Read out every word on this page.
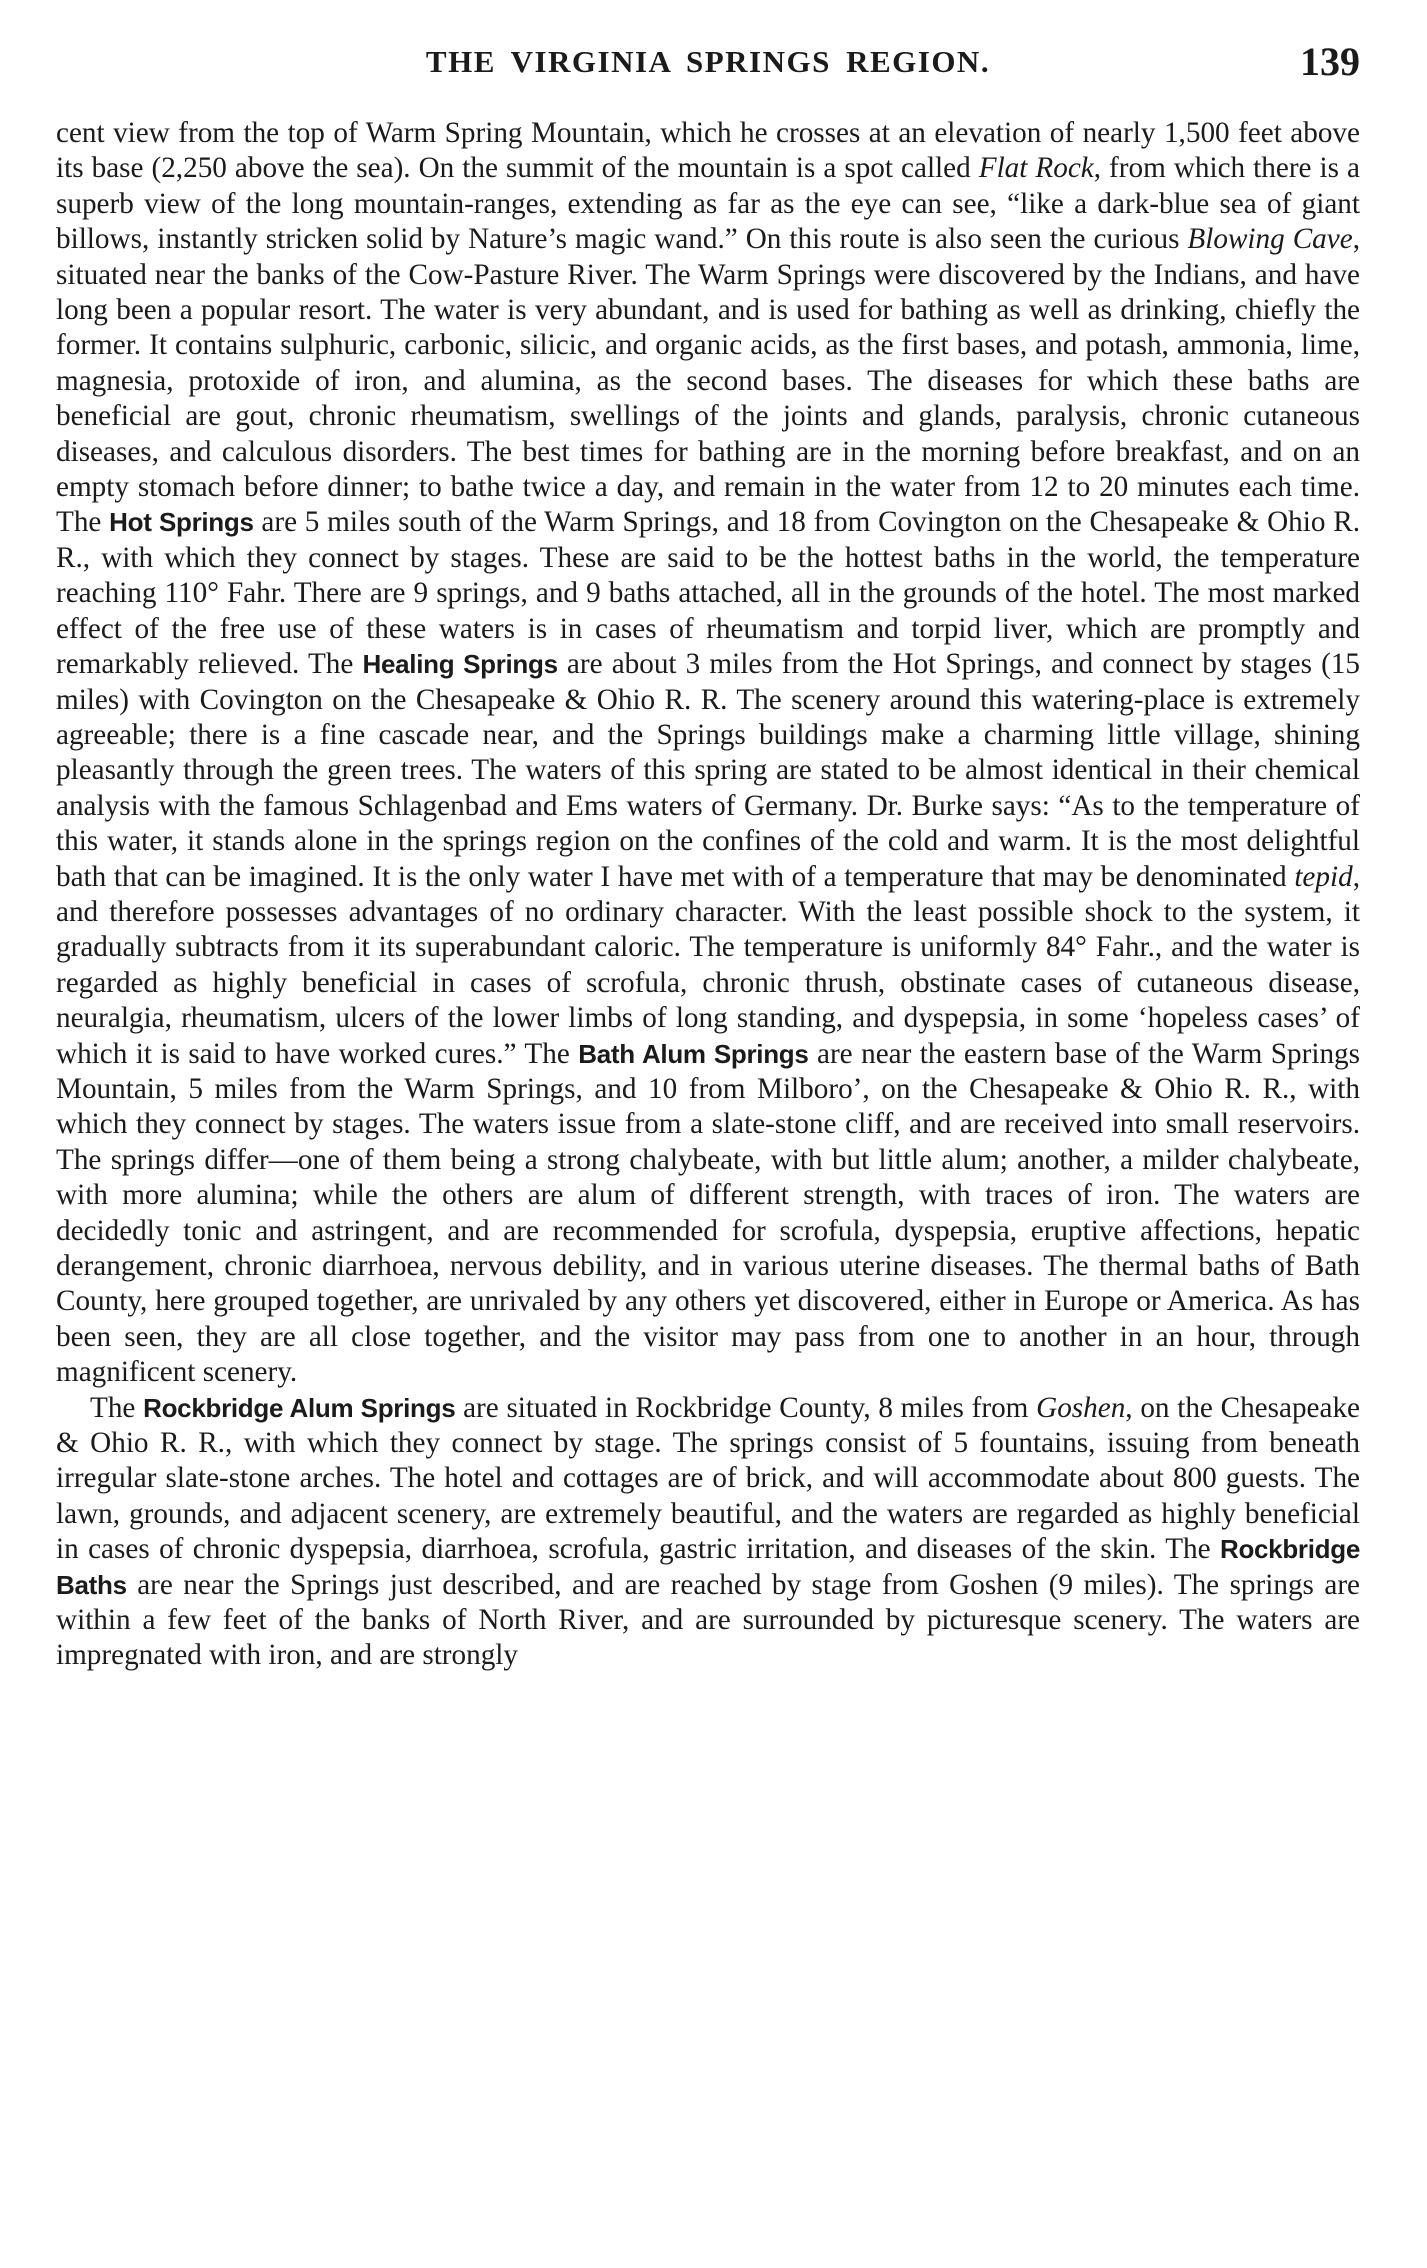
THE VIRGINIA SPRINGS REGION.	139

cent view from the top of Warm Spring Mountain, which he crosses at an elevation of nearly 1,500 feet above its base (2,250 above the sea). On the summit of the mountain is a spot called Flat Rock, from which there is a superb view of the long mountain-ranges, extending as far as the eye can see, “like a dark-blue sea of giant billows, instantly stricken solid by Nature’s magic wand.” On this route is also seen the curious Blowing Cave, situated near the banks of the Cow-Pasture River. The Warm Springs were discovered by the Indians, and have long been a popular resort. The water is very abundant, and is used for bathing as well as drinking, chiefly the former. It contains sulphuric, carbonic, silicic, and organic acids, as the first bases, and potash, ammonia, lime, magnesia, protoxide of iron, and alumina, as the second bases. The diseases for which these baths are beneficial are gout, chronic rheumatism, swellings of the joints and glands, paralysis, chronic cutaneous diseases, and calculous disorders. The best times for bathing are in the morning before breakfast, and on an empty stomach before dinner; to bathe twice a day, and remain in the water from 12 to 20 minutes each time. The Hot Springs are 5 miles south of the Warm Springs, and 18 from Covington on the Chesapeake & Ohio R. R., with which they connect by stages. These are said to be the hottest baths in the world, the temperature reaching 110° Fahr. There are 9 springs, and 9 baths attached, all in the grounds of the hotel. The most marked effect of the free use of these waters is in cases of rheumatism and torpid liver, which are promptly and remarkably relieved. The Healing Springs are about 3 miles from the Hot Springs, and connect by stages (15 miles) with Covington on the Chesapeake & Ohio R. R. The scenery around this watering-place is extremely agreeable; there is a fine cascade near, and the Springs buildings make a charming little village, shining pleasantly through the green trees. The waters of this spring are stated to be almost identical in their chemical analysis with the famous Schlagenbad and Ems waters of Germany. Dr. Burke says: “As to the temperature of this water, it stands alone in the springs region on the confines of the cold and warm. It is the most delightful bath that can be imagined. It is the only water I have met with of a temperature that may be denominated tepid, and therefore possesses advantages of no ordinary character. With the least possible shock to the system, it gradually subtracts from it its superabundant caloric. The temperature is uniformly 84° Fahr., and the water is regarded as highly beneficial in cases of scrofula, chronic thrush, obstinate cases of cutaneous disease, neuralgia, rheumatism, ulcers of the lower limbs of long standing, and dyspepsia, in some ‘hopeless cases’ of which it is said to have worked cures.” The Bath Alum Springs are near the eastern base of the Warm Springs Mountain, 5 miles from the Warm Springs, and 10 from Milboro’, on the Chesapeake & Ohio R. R., with which they connect by stages. The waters issue from a slate-stone cliff, and are received into small reservoirs. The springs differ—one of them being a strong chalybeate, with but little alum; another, a milder chalybeate, with more alumina; while the others are alum of different strength, with traces of iron. The waters are decidedly tonic and astringent, and are recommended for scrofula, dyspepsia, eruptive affections, hepatic derangement, chronic diarrhoea, nervous debility, and in various uterine diseases. The thermal baths of Bath County, here grouped together, are unrivaled by any others yet discovered, either in Europe or America. As has been seen, they are all close together, and the visitor may pass from one to another in an hour, through magnificent scenery.

The Rockbridge Alum Springs are situated in Rockbridge County, 8 miles from Goshen, on the Chesapeake & Ohio R. R., with which they connect by stage. The springs consist of 5 fountains, issuing from beneath irregular slate-stone arches. The hotel and cottages are of brick, and will accommodate about 800 guests. The lawn, grounds, and adjacent scenery, are extremely beautiful, and the waters are regarded as highly beneficial in cases of chronic dyspepsia, diarrhoea, scrofula, gastric irritation, and diseases of the skin. The Rockbridge Baths are near the Springs just described, and are reached by stage from Goshen (9 miles). The springs are within a few feet of the banks of North River, and are surrounded by picturesque scenery. The waters are impregnated with iron, and are strongly
